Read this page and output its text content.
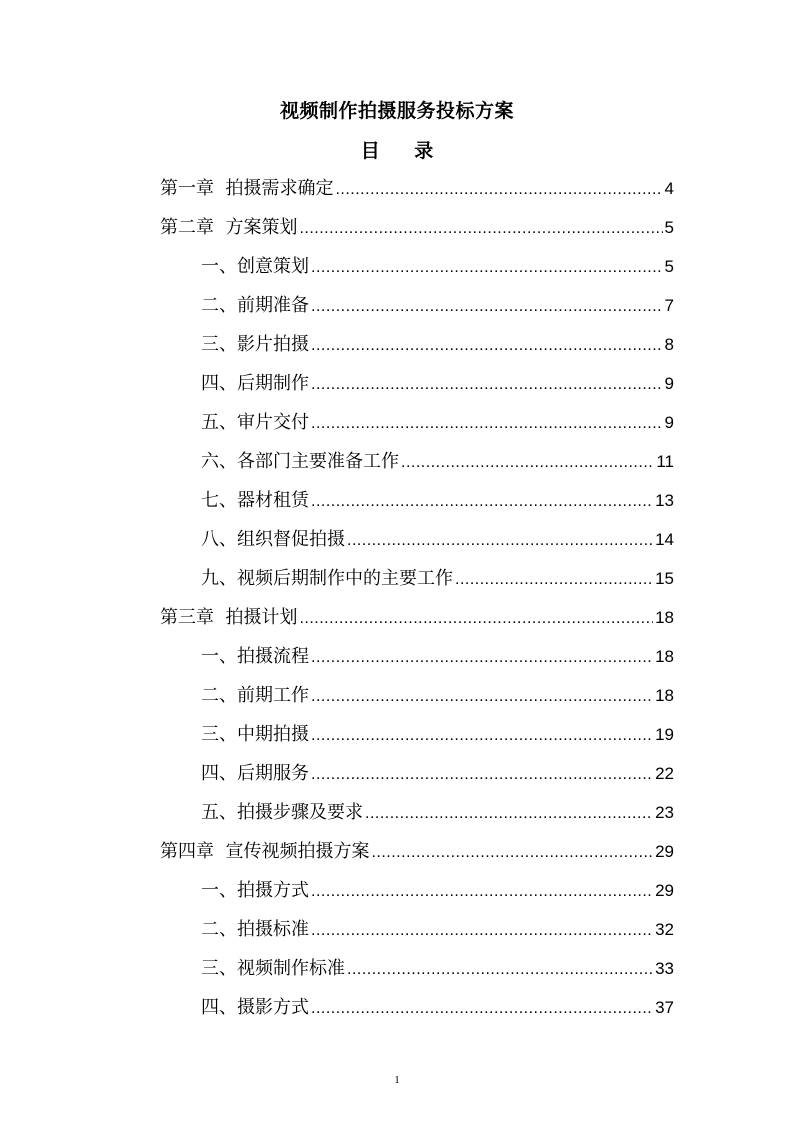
视频制作拍摄服务投标方案
目 录
第一章  拍摄需求确定 .....	4
第二章  方案策划 .....	5
一、创意策划 .....	5
二、前期准备 .....	7
三、影片拍摄 .....	8
四、后期制作 .....	9
五、审片交付 .....	9
六、各部门主要准备工作 .....	11
七、器材租赁 .....	13
八、组织督促拍摄 .....	14
九、视频后期制作中的主要工作 .....	15
第三章  拍摄计划 .....	18
一、拍摄流程 .....	18
二、前期工作 .....	18
三、中期拍摄 .....	19
四、后期服务 .....	22
五、拍摄步骤及要求 .....	23
第四章  宣传视频拍摄方案 .....	29
一、拍摄方式 .....	29
二、拍摄标准 .....	32
三、视频制作标准 .....	33
四、摄影方式 .....	37
1
